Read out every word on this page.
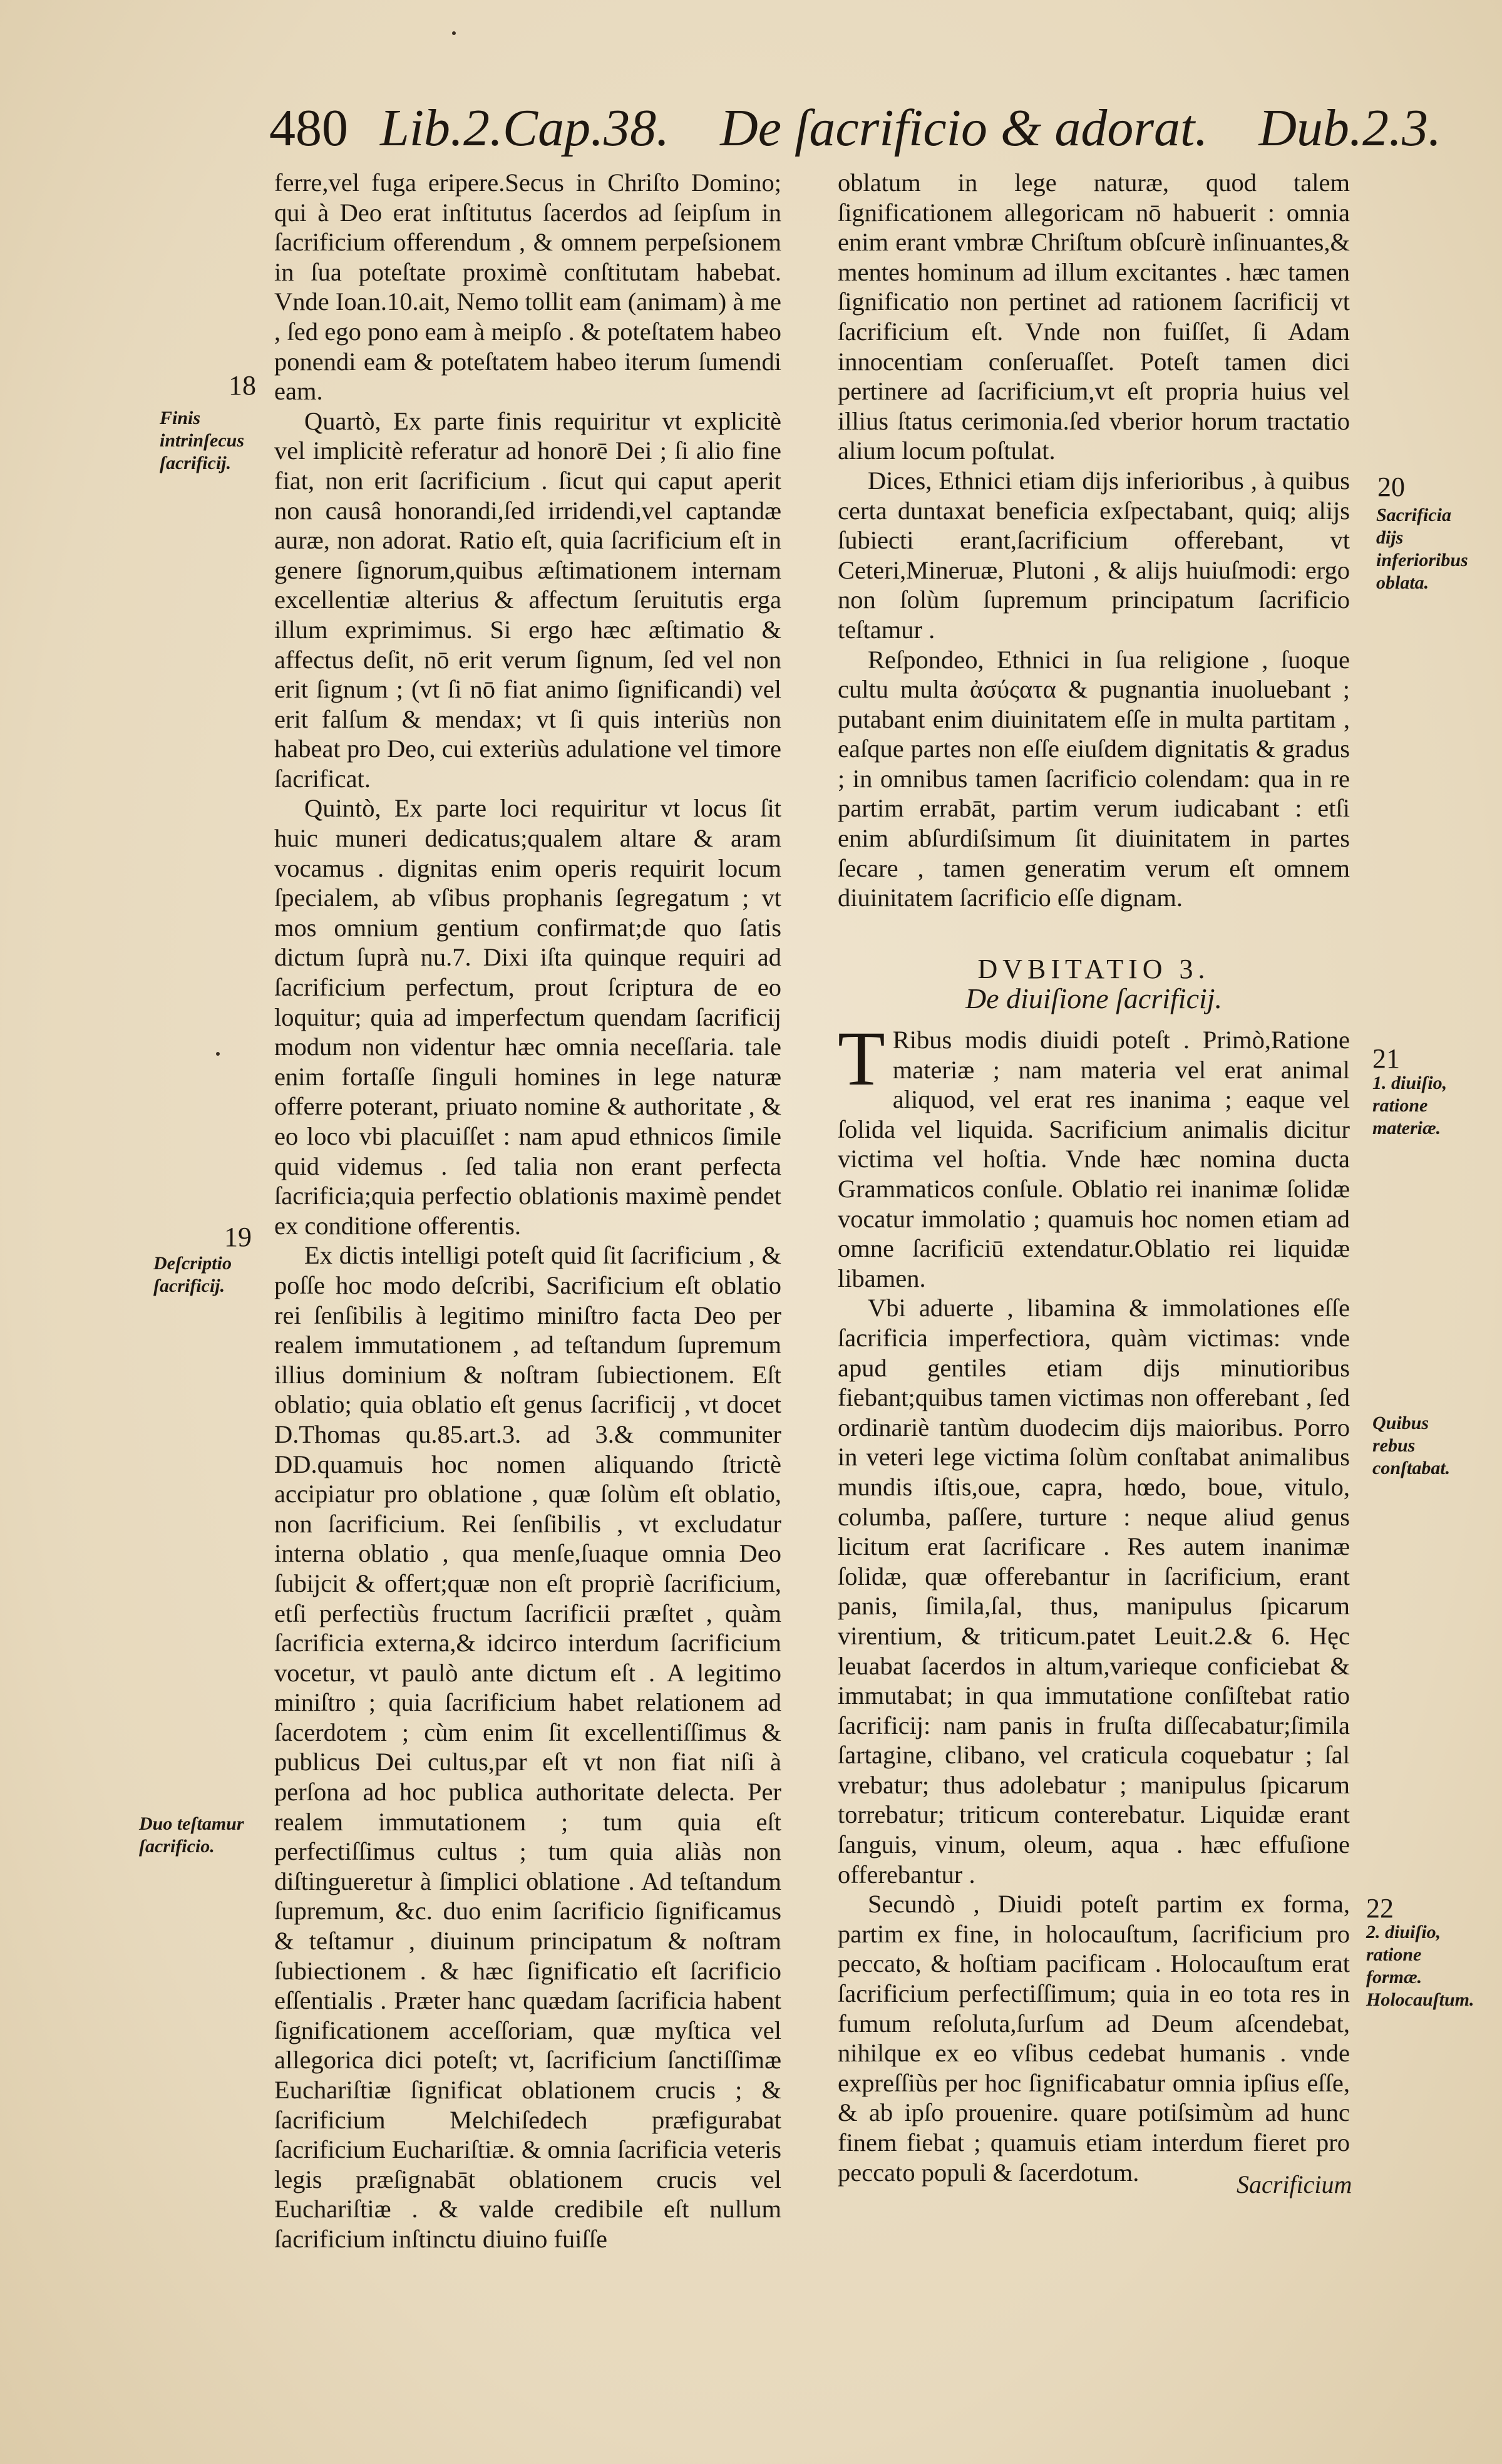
480 Lib.2.Cap.38. De ſacrificio & adorat. Dub.2.3.

ferre,vel fuga eripere.Secus in Chriſto Domino; qui à Deo erat inſtitutus ſacerdos ad ſeipſum in ſacrificium offerendum , & omnem perpeſsionem in ſua poteſtate proximè conſtitutam habebat. Vnde Ioan.10.ait, Nemo tollit eam (animam) à me , ſed ego pono eam à meipſo . & poteſtatem habeo ponendi eam & poteſtatem habeo iterum ſumendi eam.

Quartò, Ex parte finis requiritur vt explicitè vel implicitè referatur ad honorē Dei ; ſi alio fine fiat, non erit ſacrificium . ſicut qui caput aperit non causâ honorandi,ſed irridendi,vel captandæ auræ, non adorat. Ratio eſt, quia ſacrificium eſt in genere ſignorum,quibus æſtimationem internam excellentiæ alterius & affectum ſeruitutis erga illum exprimimus. Si ergo hæc æſtimatio & affectus deſit, nō erit verum ſignum, ſed vel non erit ſignum ; (vt ſi nō fiat animo ſignificandi) vel erit falſum & mendax; vt ſi quis interiùs non habeat pro Deo, cui exteriùs adulatione vel timore ſacrificat.

Quintò, Ex parte loci requiritur vt locus ſit huic muneri dedicatus;qualem altare & aram vocamus . dignitas enim operis requirit locum ſpecialem, ab vſibus prophanis ſegregatum ; vt mos omnium gentium confirmat;de quo ſatis dictum ſuprà nu.7. Dixi iſta quinque requiri ad ſacrificium perfectum, prout ſcriptura de eo loquitur; quia ad imperfectum quendam ſacrificij modum non videntur hæc omnia neceſſaria. tale enim fortaſſe ſinguli homines in lege naturæ offerre poterant, priuato nomine & authoritate , & eo loco vbi placuiſſet : nam apud ethnicos ſimile quid videmus . ſed talia non erant perfecta ſacrificia;quia perfectio oblationis maximè pendet ex conditione offerentis.

Ex dictis intelligi poteſt quid ſit ſacrificium , & poſſe hoc modo deſcribi, Sacrificium eſt oblatio rei ſenſibilis à legitimo miniſtro facta Deo per realem immutationem , ad teſtandum ſupremum illius dominium & noſtram ſubiectionem. Eſt oblatio; quia oblatio eſt genus ſacrificij , vt docet D.Thomas qu.85.art.3. ad 3.& communiter DD.quamuis hoc nomen aliquando ſtrictè accipiatur pro oblatione , quæ ſolùm eſt oblatio, non ſacrificium. Rei ſenſibilis , vt excludatur interna oblatio , qua menſe,ſuaque omnia Deo ſubijcit & offert;quæ non eſt propriè ſacrificium, etſi perfectiùs fructum ſacrificii præſtet , quàm ſacrificia externa,& idcirco interdum ſacrificium vocetur, vt paulò ante dictum eſt . A legitimo miniſtro ; quia ſacrificium habet relationem ad ſacerdotem ; cùm enim ſit excellentiſſimus & publicus Dei cultus,par eſt vt non fiat niſi à perſona ad hoc publica authoritate delecta. Per realem immutationem ; tum quia eſt perfectiſſimus cultus ; tum quia aliàs non diſtingueretur à ſimplici oblatione . Ad teſtandum ſupremum, &c. duo enim ſacrificio ſignificamus & teſtamur , diuinum principatum & noſtram ſubiectionem . & hæc ſignificatio eſt ſacrificio eſſentialis . Præter hanc quædam ſacrificia habent ſignificationem acceſſoriam, quæ myſtica vel allegorica dici poteſt; vt, ſacrificium ſanctiſſimæ Euchariſtiæ ſignificat oblationem crucis ; & ſacrificium Melchiſedech præfigurabat ſacrificium Euchariſtiæ. & omnia ſacrificia veteris legis præſignabāt oblationem crucis vel Euchariſtiæ . & valde credibile eſt nullum ſacrificium inſtinctu diuino fuiſſe

oblatum in lege naturæ, quod talem ſignificationem allegoricam nō habuerit : omnia enim erant vmbræ Chriſtum obſcurè inſinuantes,& mentes hominum ad illum excitantes . hæc tamen ſignificatio non pertinet ad rationem ſacrificij vt ſacrificium eſt. Vnde non fuiſſet, ſi Adam innocentiam conſeruaſſet. Poteſt tamen dici pertinere ad ſacrificium,vt eſt propria huius vel illius ſtatus cerimonia.ſed vberior horum tractatio alium locum poſtulat.

Dices, Ethnici etiam dijs inferioribus , à quibus certa duntaxat beneficia exſpectabant, quiq; alijs ſubiecti erant,ſacrificium offerebant, vt Ceteri,Mineruæ, Plutoni , & alijs huiuſmodi: ergo non ſolùm ſupremum principatum ſacrificio teſtamur .

Reſpondeo, Ethnici in ſua religione , ſuoque cultu multa ἀσύςατα & pugnantia inuoluebant ; putabant enim diuinitatem eſſe in multa partitam , eaſque partes non eſſe eiuſdem dignitatis & gradus ; in omnibus tamen ſacrificio colendam: qua in re partim errabāt, partim verum iudicabant : etſi enim abſurdiſsimum ſit diuinitatem in partes ſecare , tamen generatim verum eſt omnem diuinitatem ſacrificio eſſe dignam.

DVBITATIO 3.
De diuiſione ſacrificij.

T Ribus modis diuidi poteſt . Primò,Ratione materiæ ; nam materia vel erat animal aliquod, vel erat res inanima ; eaque vel ſolida vel liquida. Sacrificium animalis dicitur victima vel hoſtia. Vnde hæc nomina ducta Grammaticos conſule. Oblatio rei inanimæ ſolidæ vocatur immolatio ; quamuis hoc nomen etiam ad omne ſacrificiū extendatur.Oblatio rei liquidæ libamen.

Vbi aduerte , libamina & immolationes eſſe ſacrificia imperfectiora, quàm victimas: vnde apud gentiles etiam dijs minutioribus fiebant;quibus tamen victimas non offerebant , ſed ordinariè tantùm duodecim dijs maioribus. Porro in veteri lege victima ſolùm conſtabat animalibus mundis iſtis,oue, capra, hœdo, boue, vitulo, columba, paſſere, turture : neque aliud genus licitum erat ſacrificare . Res autem inanimæ ſolidæ, quæ offerebantur in ſacrificium, erant panis, ſimila,ſal, thus, manipulus ſpicarum virentium, & triticum.patet Leuit.2.& 6. Hęc leuabat ſacerdos in altum,varieque conficiebat & immutabat; in qua immutatione conſiſtebat ratio ſacrificij: nam panis in fruſta diſſecabatur;ſimila ſartagine, clibano, vel craticula coquebatur ; ſal vrebatur; thus adolebatur ; manipulus ſpicarum torrebatur; triticum conterebatur. Liquidæ erant ſanguis, vinum, oleum, aqua . hæc effuſione offerebantur .

Secundò , Diuidi poteſt partim ex forma, partim ex fine, in holocauſtum, ſacrificium pro peccato, & hoſtiam pacificam . Holocauſtum erat ſacrificium perfectiſſimum; quia in eo tota res in fumum reſoluta,ſurſum ad Deum aſcendebat, nihilque ex eo vſibus cedebat humanis . vnde expreſſiùs per hoc ſignificabatur omnia ipſius eſſe, & ab ipſo prouenire. quare potiſsimùm ad hunc finem fiebat ; quamuis etiam interdum fieret pro peccato populi & ſacerdotum.

18
19
20
21
22
Finis intrinſecus ſacrificij.
Deſcriptio ſacrificij.
Duo teſtamur ſacrificio.
Sacrificia dijs inferioribus oblata.
1. diuiſio, ratione materiæ.
Quibus rebus conſtabat.
2. diuiſio, ratione formæ. Holocauſtum.
Sacrificium
